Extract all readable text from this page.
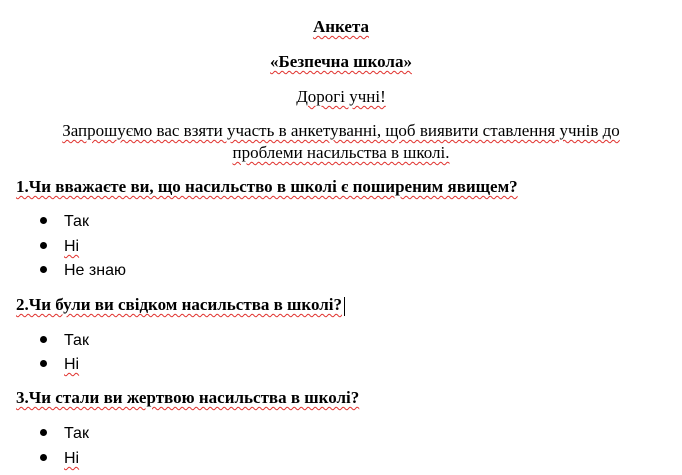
Анкета
«Безпечна школа»
Дорогі учні!
Запрошуємо вас взяти участь в анкетуванні, щоб виявити ставлення учнів до
проблеми насильства в школі.
1.Чи вважаєте ви, що насильство в школі є поширеним явищем?
Так
Ні
Не знаю
2.Чи були ви свідком насильства в школі?
Так
Ні
3.Чи стали ви жертвою насильства в школі?
Так
Ні
